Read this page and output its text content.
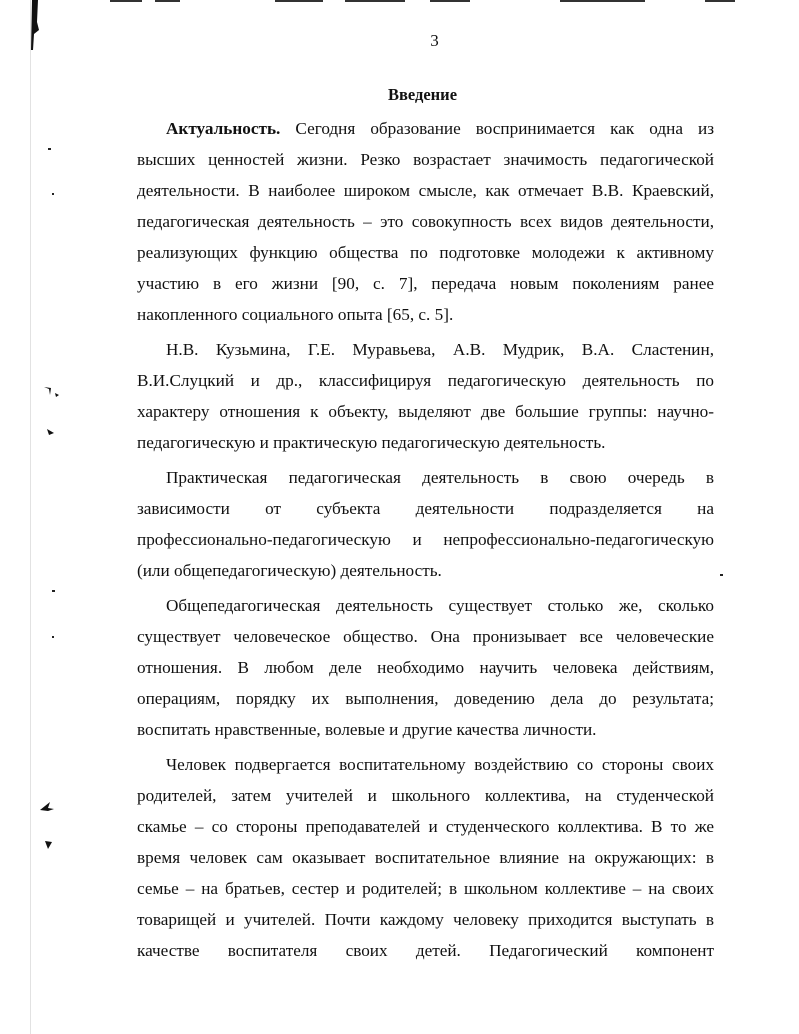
3
Введение

Актуальность. Сегодня образование воспринимается как одна из
высших ценностей жизни. Резко возрастает значимость педагогической
деятельности. В наиболее широком смысле, как отмечает В.В. Краевский,
педагогическая деятельность – это совокупность всех видов деятельности,
реализующих функцию общества по подготовке молодежи к активному
участию в его жизни [90, с. 7], передача новым поколениям ранее
накопленного социального опыта [65, с. 5].

Н.В. Кузьмина, Г.Е. Муравьева, А.В. Мудрик, В.А. Сластенин,
В.И.Слуцкий и др., классифицируя педагогическую деятельность по
характеру отношения к объекту, выделяют две большие группы: научно-
педагогическую и практическую педагогическую деятельность.

Практическая педагогическая деятельность в свою очередь в
зависимости от субъекта деятельности подразделяется на
профессионально-педагогическую и непрофессионально-педагогическую
(или общепедагогическую) деятельность.

Общепедагогическая деятельность существует столько же, сколько
существует человеческое общество. Она пронизывает все человеческие
отношения. В любом деле необходимо научить человека действиям,
операциям, порядку их выполнения, доведению дела до результата;
воспитать нравственные, волевые и другие качества личности.

Человек подвергается воспитательному воздействию со стороны своих
родителей, затем учителей и школьного коллектива, на студенческой
скамье – со стороны преподавателей и студенческого коллектива. В то же
время человек сам оказывает воспитательное влияние на окружающих: в
семье – на братьев, сестер и родителей; в школьном коллективе – на своих
товарищей и учителей. Почти каждому человеку приходится выступать в
качестве воспитателя своих детей. Педагогический компонент
